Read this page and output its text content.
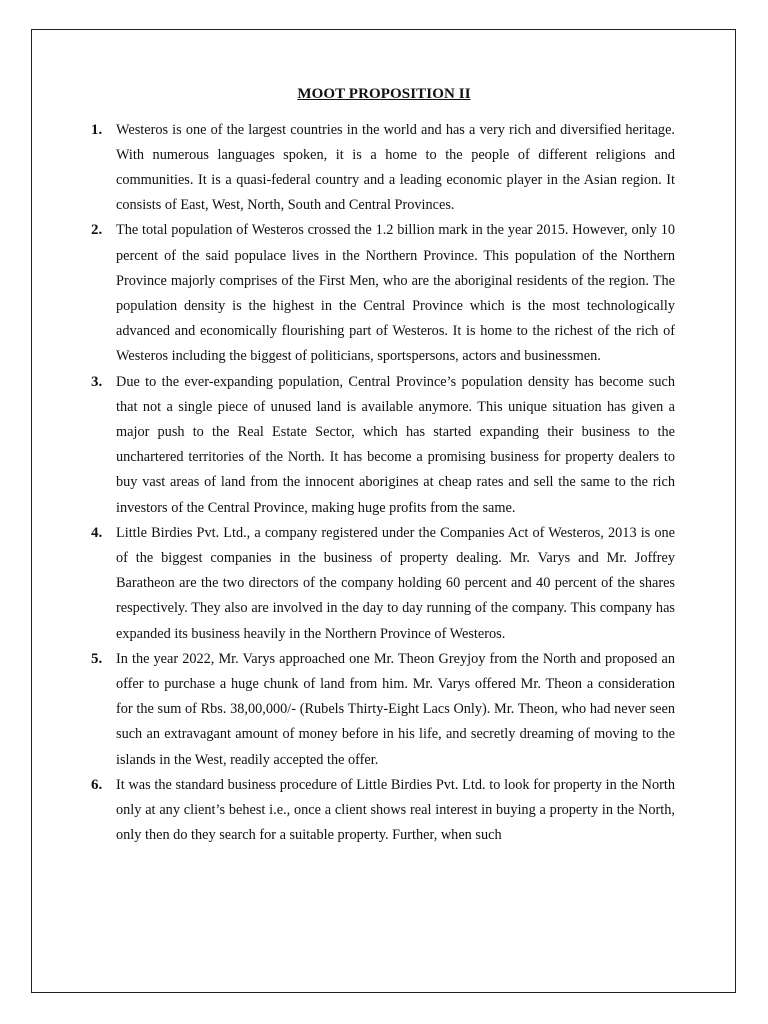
MOOT PROPOSITION II
1. Westeros is one of the largest countries in the world and has a very rich and diversified heritage. With numerous languages spoken, it is a home to the people of different religions and communities. It is a quasi-federal country and a leading economic player in the Asian region. It consists of East, West, North, South and Central Provinces.
2. The total population of Westeros crossed the 1.2 billion mark in the year 2015. However, only 10 percent of the said populace lives in the Northern Province. This population of the Northern Province majorly comprises of the First Men, who are the aboriginal residents of the region. The population density is the highest in the Central Province which is the most technologically advanced and economically flourishing part of Westeros. It is home to the richest of the rich of Westeros including the biggest of politicians, sportspersons, actors and businessmen.
3. Due to the ever-expanding population, Central Province’s population density has become such that not a single piece of unused land is available anymore. This unique situation has given a major push to the Real Estate Sector, which has started expanding their business to the unchartered territories of the North. It has become a promising business for property dealers to buy vast areas of land from the innocent aborigines at cheap rates and sell the same to the rich investors of the Central Province, making huge profits from the same.
4. Little Birdies Pvt. Ltd., a company registered under the Companies Act of Westeros, 2013 is one of the biggest companies in the business of property dealing. Mr. Varys and Mr. Joffrey Baratheon are the two directors of the company holding 60 percent and 40 percent of the shares respectively. They also are involved in the day to day running of the company. This company has expanded its business heavily in the Northern Province of Westeros.
5. In the year 2022, Mr. Varys approached one Mr. Theon Greyjoy from the North and proposed an offer to purchase a huge chunk of land from him. Mr. Varys offered Mr. Theon a consideration for the sum of Rbs. 38,00,000/- (Rubels Thirty-Eight Lacs Only). Mr. Theon, who had never seen such an extravagant amount of money before in his life, and secretly dreaming of moving to the islands in the West, readily accepted the offer.
6. It was the standard business procedure of Little Birdies Pvt. Ltd. to look for property in the North only at any client’s behest i.e., once a client shows real interest in buying a property in the North, only then do they search for a suitable property. Further, when such
